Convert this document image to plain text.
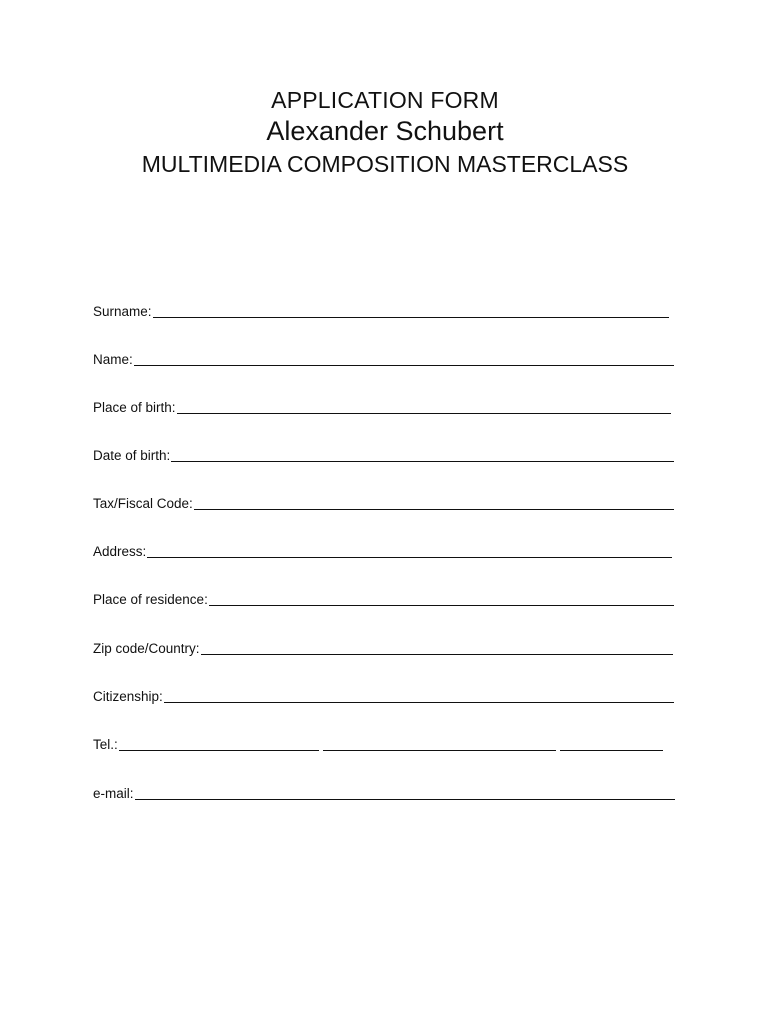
APPLICATION FORM
Alexander Schubert
MULTIMEDIA COMPOSITION MASTERCLASS
Surname:
Name:
Place of birth:
Date of birth:
Tax/Fiscal Code:
Address:
Place of residence:
Zip code/Country:
Citizenship:
Tel.:
e-mail:
